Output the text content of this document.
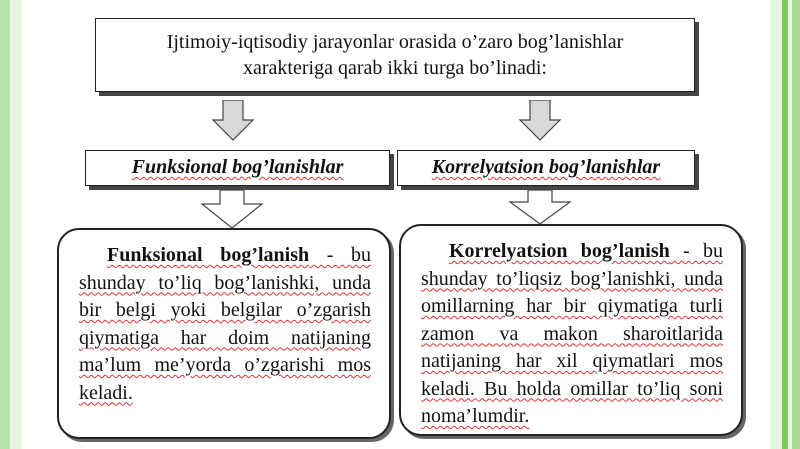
Ijtimoiy-iqtisodiy jarayonlar orasida o’zaro bog’lanishlar
xarakteriga qarab ikki turga bo’linadi:
Funksional bog’lanishlar	Korrelyatsion bog’lanishlar

Funksional bog’lanish - bu shunday to’liq bog’lanishki, unda bir belgi yoki belgilar o’zgarish qiymatiga har doim natijaning ma’lum me’yorda o’zgarishi mos keladi.

Korrelyatsion bog’lanish - bu shunday to’liqsiz bog’lanishki, unda omillarning har bir qiymatiga turli zamon va makon sharoitlarida natijaning har xil qiymatlari mos keladi. Bu holda omillar to’liq soni noma’lumdir.
